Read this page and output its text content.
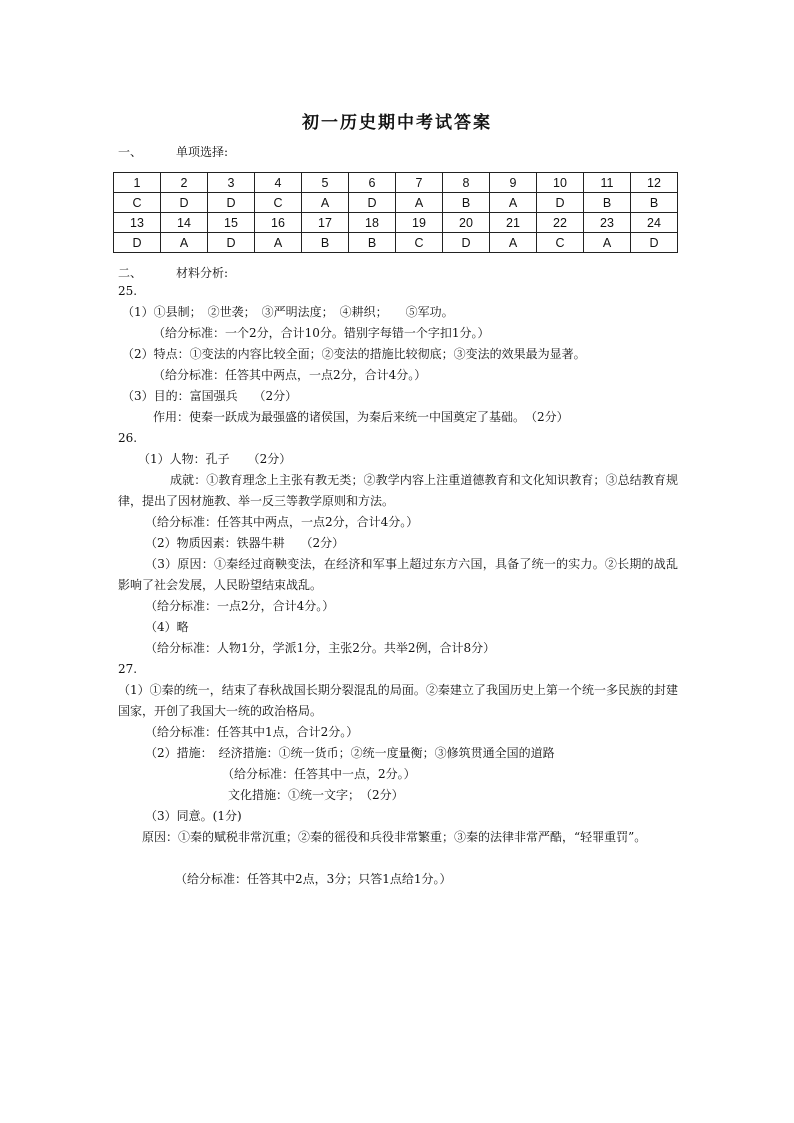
初一历史期中考试答案
一、	单项选择:
1	2	3	4	5	6	7	8	9	10	11	12
C	D	D	C	A	D	A	B	A	D	B	B
13	14	15	16	17	18	19	20	21	22	23	24
D	A	D	A	B	B	C	D	A	C	A	D
二、	材料分析:
25.
（1）①县制；　②世袭；　③严明法度；　④耕织；　　⑤军功。
（给分标准：一个2分，合计10分。错别字每错一个字扣1分。）
（2）特点：①变法的内容比较全面；②变法的措施比较彻底；③变法的效果最为显著。
（给分标准：任答其中两点，一点2分，合计4分。）
（3）目的：富国强兵　 （2分）
作用：使秦一跃成为最强盛的诸侯国，为秦后来统一中国奠定了基础。　（2分）
26.
（1）人物：孔子　　（2分）
成就：①教育理念上主张有教无类；②教学内容上注重道德教育和文化知识教育；③总结教育规律，提出了因材施教、举一反三等教学原则和方法。
（给分标准：任答其中两点，一点2分，合计4分。）
（2）物质因素：铁器牛耕　 （2分）
（3）原因：①秦经过商鞅变法，在经济和军事上超过东方六国，具备了统一的实力。②长期的战乱影响了社会发展，人民盼望结束战乱。
（给分标准：一点2分，合计4分。）
（4）略
（给分标准：人物1分，学派1分，主张2分。共举2例，合计8分）
27.
（1）①秦的统一，结束了春秋战国长期分裂混乱的局面。②秦建立了我国历史上第一个统一多民族的封建国家，开创了我国大一统的政治格局。
（给分标准：任答其中1点，合计2分。）
（2）措施：　经济措施：①统一货币；②统一度量衡；③修筑贯通全国的道路
（给分标准：任答其中一点，2分。）
文化措施：①统一文字；　（2分）
（3）同意。(1分)
原因：①秦的赋税非常沉重；②秦的徭役和兵役非常繁重；③秦的法律非常严酷，“轻罪重罚”。
（给分标准：任答其中2点，3分；只答1点给1分。）
